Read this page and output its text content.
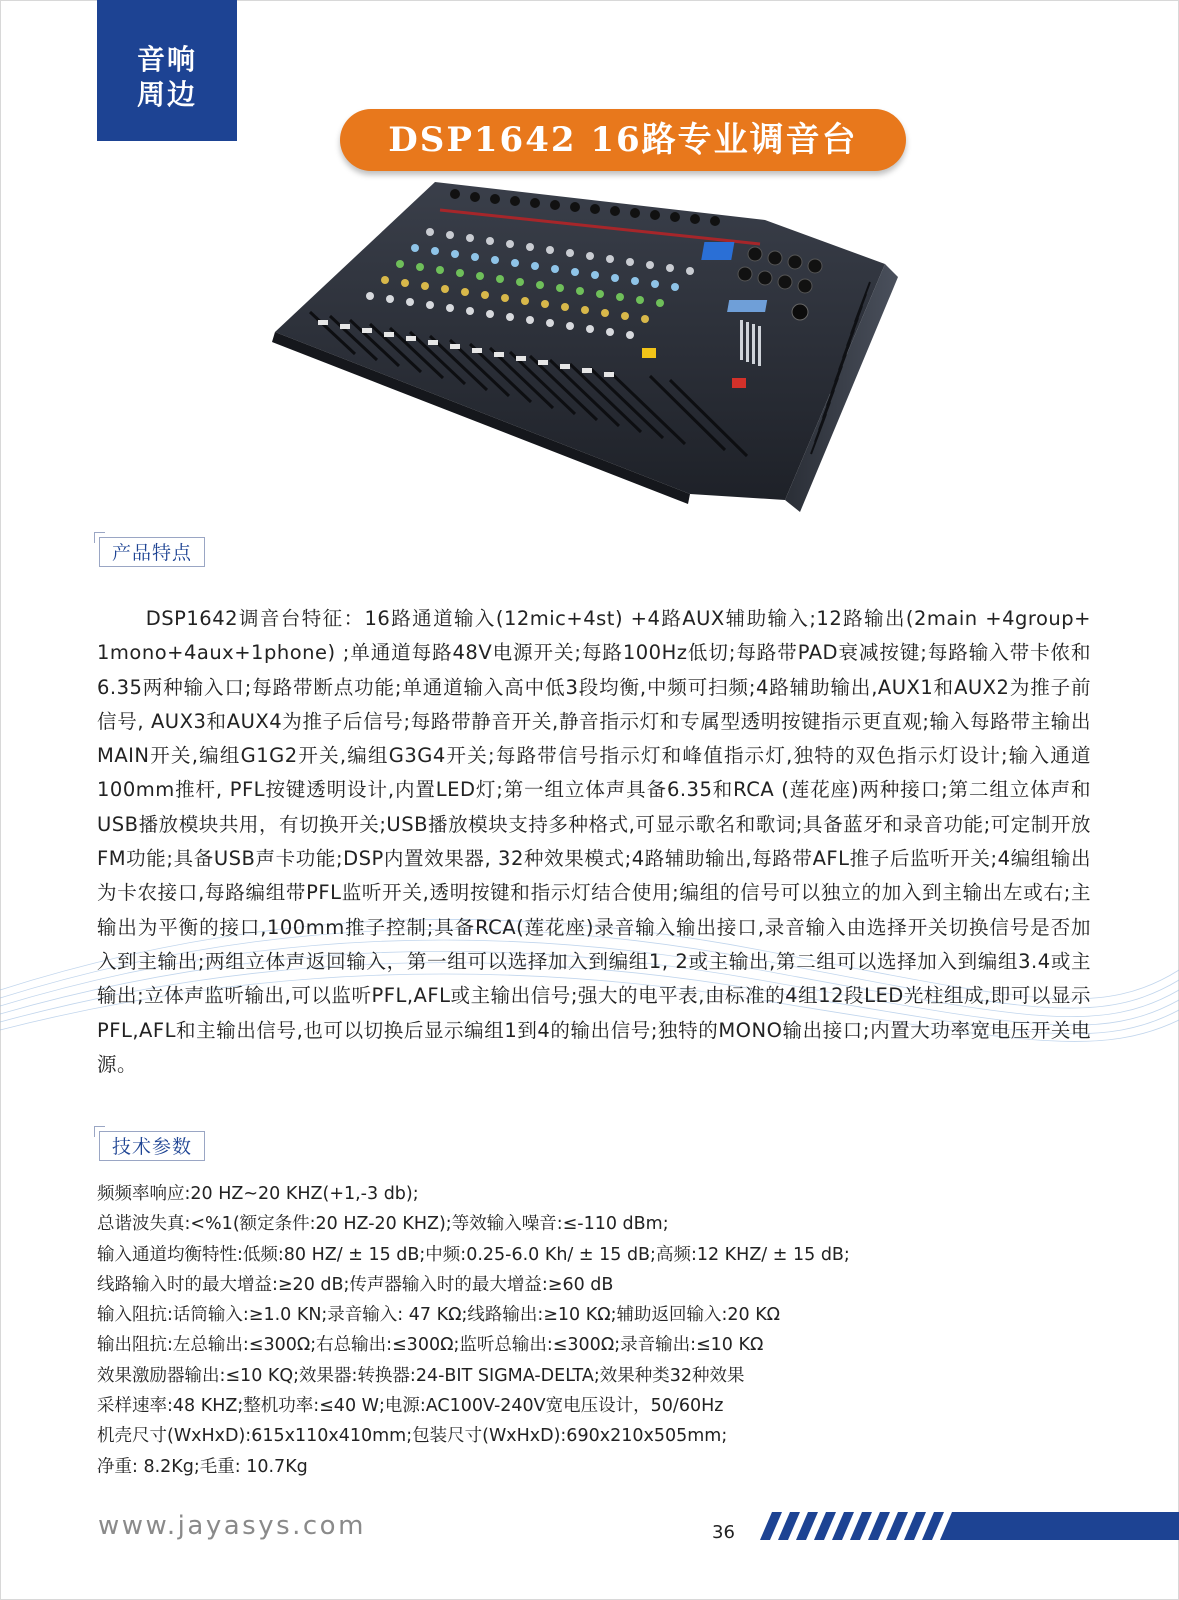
音响
周边
DSP1642 16路专业调音台
产品特点

DSP1642调音台特征：16路通道输入(12mic+4st) +4路AUX辅助输入;12路输出(2main +4group+ 1mono+4aux+1phone) ;单通道每路48V电源开关;每路100Hz低切;每路带PAD衰减按键;每路输入带卡侬和6.35两种输入口;每路带断点功能;单通道输入高中低3段均衡,中频可扫频;4路辅助输出,AUX1和AUX2为推子前信号, AUX3和AUX4为推子后信号;每路带静音开关,静音指示灯和专属型透明按键指示更直观;输入每路带主输出MAIN开关,编组G1G2开关,编组G3G4开关;每路带信号指示灯和峰值指示灯,独特的双色指示灯设计;输入通道100mm推杆, PFL按键透明设计,内置LED灯;第一组立体声具备6.35和RCA (莲花座)两种接口;第二组立体声和USB播放模块共用，有切换开关;USB播放模块支持多种格式,可显示歌名和歌词;具备蓝牙和录音功能;可定制开放FM功能;具备USB声卡功能;DSP内置效果器, 32种效果模式;4路辅助输出,每路带AFL推子后监听开关;4编组输出为卡农接口,每路编组带PFL监听开关,透明按键和指示灯结合使用;编组的信号可以独立的加入到主输出左或右;主输出为平衡的接口,100mm推子控制;具备RCA(莲花座)录音输入输出接口,录音输入由选择开关切换信号是否加入到主输出;两组立体声返回输入，第一组可以选择加入到编组1, 2或主输出,第二组可以选择加入到编组3.4或主输出;立体声监听输出,可以监听PFL,AFL或主输出信号;强大的电平表,由标准的4组12段LED光柱组成,即可以显示PFL,AFL和主输出信号,也可以切换后显示编组1到4的输出信号;独特的MONO输出接口;内置大功率宽电压开关电源。

技术参数
频频率响应:20 HZ~20 KHZ(+1,-3 db);
总谐波失真:<%1(额定条件:20 HZ-20 KHZ);等效输入噪音:≤-110 dBm;
输入通道均衡特性:低频:80 HZ/ ± 15 dB;中频:0.25-6.0 Kh/ ± 15 dB;高频:12 KHZ/ ± 15 dB;
线路输入时的最大增益:≥20 dB;传声器输入时的最大增益:≥60 dB
输入阻抗:话筒输入:≥1.0 KN;录音输入: 47 KΩ;线路输出:≥10 KΩ;辅助返回输入:20 KΩ
输出阻抗:左总输出:≤300Ω;右总输出:≤300Ω;监听总输出:≤300Ω;录音输出:≤10 KΩ
效果激励器输出:≤10 KQ;效果器:转换器:24-BIT SIGMA-DELTA;效果种类32种效果
采样速率:48 KHZ;整机功率:≤40 W;电源:AC100V-240V宽电压设计，50/60Hz
机壳尺寸(WxHxD):615x110x410mm;包装尺寸(WxHxD):690x210x505mm;
净重: 8.2Kg;毛重: 10.7Kg
www.jayasys.com	36
